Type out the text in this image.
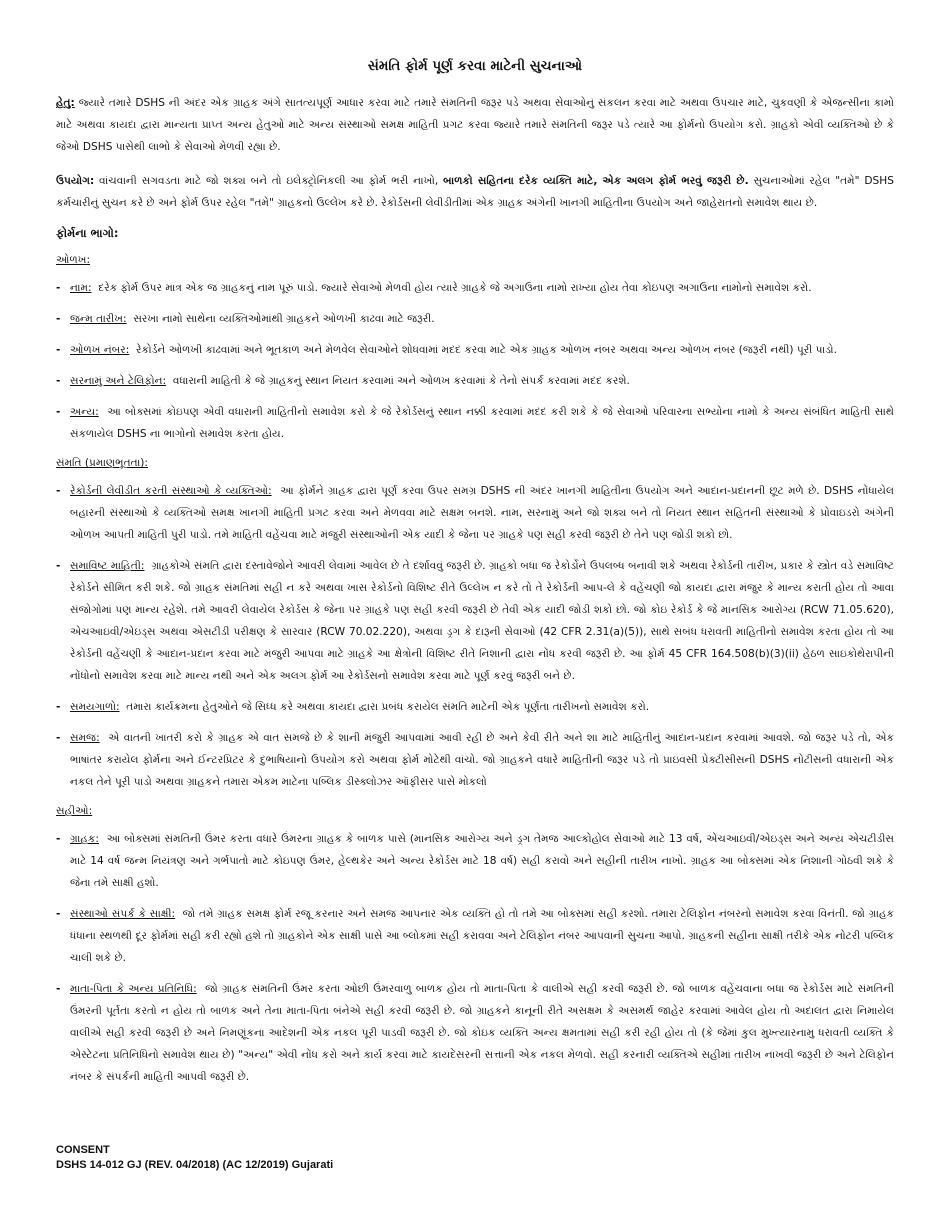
સંમતિ ફોર્મ પૂર્ણ કરવા માટેની સુચનાઓ

હેતુ: જ્યારે તમારે DSHS ની અંદર એક ગ્રાહક અંગે સાતત્યપૂર્ણ આધાર કરવા માટે તમારે સંમતિની જરૂર પડે અથવા સેવાઓનું સંકલન કરવા માટે અથવા ઉપચાર માટે, ચુકવણી કે એજન્સીના કામો માટે અથવા કાયદા દ્વારા માન્યતા પ્રાપ્ત અન્ય હેતુઓ માટે અન્ય સંસ્થાઓ સમક્ષ માહિતી પ્રગટ કરવા જ્યારે તમારે સંમતિની જરૂર પડે ત્યારે આ ફોર્મનો ઉપયોગ કરો. ગ્રાહકો એવી વ્યક્તિઓ છે કે જેઓ DSHS પાસેથી લાભો કે સેવાઓ મેળવી રહ્યા છે.

ઉપયોગ: વાંચવાની સગવડતા માટે જો શક્ય બને તો ઇલેક્ટ્રોનિકલી આ ફોર્મ ભરી નાખો, બાળકો સહિતના દરેક વ્યક્તિ માટે, એક અલગ ફોર્મ ભરવું જરૂરી છે. સુચનાઓમાં રહેલ "તમે" DSHS કર્મચારીનું સુચન કરે છે અને ફોર્મ ઉપર રહેલ "તમે" ગ્રાહકનો ઉલ્લેખ કરે છે. રેકોર્ડસની લેવીડીતીમાં એક ગ્રાહક અંગેની ખાનગી માહિતીના ઉપયોગ અને જાહેરાતનો સમાવેશ થાય છે.

ફોર્મના ભાગો:
ઓળખ:
- નામ: દરેક ફોર્મ ઉપર માત્ર એક જ ગ્રાહકનું નામ પૂરું પાડો. જ્યારે સેવાઓ મેળવી હોય ત્યારે ગ્રાહકે જે અગાઉના નામો રાખ્યા હોય તેવા કોઇપણ અગાઉના નામોનો સમાવેશ કરો.
- જન્મ તારીખ: સરખા નામો સાથેના વ્યક્તિઓમાંથી ગ્રાહકને ઓળખી કાઢવા માટે જરૂરી.
- ઓળખ નંબર: રેકોર્ડને ઓળખી કાઢવામાં અને ભૂતકાળ અને મેળવેલ સેવાઓને શોધવામાં મદદ કરવા માટે એક ગ્રાહક ઓળખ નંબર અથવા અન્ય ઓળખ નંબર (જરૂરી નથી) પૂરી પાડો.
- સરનામું અને ટેલિફોન: વધારાની માહિતી કે જે ગ્રાહકનું સ્થાન નિયત કરવામાં અને ઓળખ કરવામાં કે તેનો સંપર્ક કરવામાં મદદ કરશે.
- અન્ય: આ બોક્સમાં કોઇપણ એવી વધારાની માહિતીનો સમાવેશ કરો કે જે રેકોર્ડસનું સ્થાન નક્કી કરવામાં મદદ કરી શકે કે જે સેવાઓ પરિવારના સભ્યોના નામો કે અન્ય સંબંધિત માહિતી સાથે સંકળાયેલ DSHS ના ભાગોનો સમાવેશ કરતા હોય.
સંમતિ (પ્રમાણભૂતતા):
- રેકોર્ડની લેવીડીત કરતી સંસ્થાઓ કે વ્યક્તિઓ: આ ફોર્મને ગ્રાહક દ્વારા પૂર્ણ કરવા ઉપર સમગ્ર DSHS ની અંદર ખાનગી માહિતીના ઉપયોગ અને આદાન-પ્રદાનની છૂટ મળે છે. DSHS નોંધાયેલ બહારની સંસ્થાઓ કે વ્યક્તિઓ સમક્ષ ખાનગી માહિતી પ્રગટ કરવા અને મેળવવા માટે સક્ષમ બનશે. નામ, સરનામું અને જો શક્ય બને તો નિયત સ્થાન સહિતની સંસ્થાઓ કે પ્રોવાઇડરો અંગેની ઓળખ આપતી માહિતી પુરી પાડો. તમે માહિતી વહેંચવા માટે મંજુરી સંસ્થાઓની એક યાદી કે જેના પર ગ્રાહકે પણ સહી કરવી જરૂરી છે તેને પણ જોડી શકો છો.
- સમાવિષ્ટ માહિતી: ગ્રાહકોએ સંમતિ દ્વારા દસ્તાવેજોને આવરી લેવામાં આવેલ છે તે દર્શાવવું જરૂરી છે. ગ્રાહકો બધા જ રેકોર્ડોને ઉપલબ્ધ બનાવી શકે અથવા રેકોર્ડની તારીખ, પ્રકાર કે સ્ત્રોત વડે સમાવિષ્ટ રેકોર્ડને સીમિત કરી શકે. જો ગ્રાહક સંમતિમાં સહી ન કરે અથવા ખાસ રેકોર્ડનો વિશિષ્ટ રીતે ઉલ્લેખ ન કરે તો તે રેકોર્ડની આપ-લે કે વહેંચણી જો કાયદા દ્વારા મંજુર કે માન્ય કરાતી હોય તો આવા સંજોગોમાં પણ માન્ય રહેશે. તમે આવરી લેવાયેલ રેકોર્ડસ કે જેના પર ગ્રાહકે પણ સહી કરવી જરૂરી છે તેવી એક યાદી જોડી શકો છો. જો કોઇ રેકોર્ડ કે જે માનસિક આરોગ્ય (RCW 71.05.620), એચઆઇવી/એઇડ્સ અથવા એસટીડી પરીક્ષણ કે સારવાર (RCW 70.02.220), અથવા ડ્રગ કે દારૂની સેવાઓ (42 CFR 2.31(a)(5)), સાથે સબંધ ધરાવતી માહિતીનો સમાવેશ કરતા હોય તો આ રેકોર્ડની વહેંચણી કે આદાન-પ્રદાન કરવા માટે મંજુરી આપવા માટે ગ્રાહકે આ ક્ષેત્રોની વિશિષ્ટ રીતે નિશાની દ્વારા નોંધ કરવી જરૂરી છે. આ ફોર્મ 45 CFR 164.508(b)(3)(ii) હેઠળ સાઇકોથેરાપીની નોંધોનો સમાવેશ કરવા માટે માન્ય નથી અને એક અલગ ફોર્મ આ રેકોર્ડસનો સમાવેશ કરવા માટે પૂર્ણ કરવું જરૂરી બને છે.
- સમયગાળો: તમારા કાર્યક્રમના હેતુઓને જે સિધ્ધ કરે અથવા કાયદા દ્વારા પ્રબંધ કરાયેલ સંમતિ માટેની એક પૂર્ણતા તારીખનો સમાવેશ કરો.
- સમજ: એ વાતની ખાતરી કરો કે ગ્રાહક એ વાત સમજે છે કે શાની મંજુરી આપવામાં આવી રહી છે અને કેવી રીતે અને શા માટે માહિતીનું આદાન-પ્રદાન કરવામાં આવશે. જો જરૂર પડે તો, એક ભાષાંતર કરાયેલ ફોર્મના અને ઈન્ટરપ્રિટર કે દુભાષિયાનો ઉપયોગ કરો અથવા ફોર્મ મોટેથી વાંચો. જો ગ્રાહકને વધારે માહિતીની જરૂર પડે તો પ્રાઇવસી પ્રેક્ટીસીસની DSHS નોટીસની વધારાની એક નકલ તેને પૂરી પાડો અથવા ગ્રાહકને તમારા એકમ માટેના પબ્લિક ડીસ્ક્લોઝર ઑફીસર પાસે મોકલો
સહીઓ:
- ગ્રાહક: આ બોક્સમાં સંમતિની ઉંમર કરતા વધારે ઉંમરના ગ્રાહક કે બાળક પાસે (માનસિક આરોગ્ય અને ડ્રગ તેમજ આલ્કોહોલ સેવાઓ માટે 13 વર્ષ, એચઆઇવી/એઇડ્સ અને અન્ય એચટીડીસ માટે 14 વર્ષ જન્મ નિયંત્રણ અને ગર્ભપાતો માટે કોઇપણ ઉંમર, હેલ્થકેર અને અન્ય રેકોર્ડસ માટે 18 વર્ષ) સહી કરાવો અને સહીની તારીખ નાખો. ગ્રાહક આ બોક્સમાં એક નિશાની ગોઠવી શકે કે જેના તમે સાક્ષી હશો.
- સંસ્થાઓ સંપર્ક કે સાક્ષી: જો તમે ગ્રાહક સમક્ષ ફોર્મ રજૂ કરનાર અને સમજ આપનાર એક વ્યક્તિ હો તો તમે આ બોક્સમાં સહી કરશો. તમારા ટેલિફોન નંબરનો સમાવેશ કરવા વિનંતી. જો ગ્રાહક ધંધાના સ્થળથી દૂર ફોર્મમાં સહી કરી રહ્યો હશે તો ગ્રાહકોને એક સાક્ષી પાસે આ બ્લોકમાં સહી કરાવવા અને ટેલિફોન નંબર આપવાની સુચના આપો. ગ્રાહકની સહીના સાક્ષી તરીકે એક નોટરી પબ્લિક ચાલી શકે છે.
- માતા-પિતા કે અન્ય પ્રતિનિધિ: જો ગ્રાહક સંમતિની ઉંમર કરતા ઓછી ઉંમરવાળુ બાળક હોય તો માતા-પિતા કે વાલીએ સહી કરવી જરૂરી છે. જો બાળક વહેંચવાના બધા જ રેકોર્ડસ માટે સંમતિની ઉંમરની પૂર્તતા કરતો ન હોય તો બાળક અને તેના માતા-પિતા બંનેએ સહી કરવી જરૂરી છે. જો ગ્રાહકને કાનૂની રીતે અસક્ષમ કે અસમર્થ જાહેર કરવામાં આવેલ હોય તો અદાલત દ્વારા નિમાયેલ વાલીએ સહી કરવી જરૂરી છે અને નિમણૂંકના આદેશની એક નકલ પૂરી પાડવી જરૂરી છે. જો કોઇક વ્યક્તિ અન્ય ક્ષમતામાં સહી કરી રહી હોય તો (કે જેમાં કુલ મુખ્ત્યારનામુ ધરાવતી વ્યક્તિ કે એસ્ટેટના પ્રતિનિધિનો સમાવેશ થાય છે) "અન્ય" એવી નોંધ કરો અને કાર્ય કરવા માટે કાયદેસરની સત્તાની એક નકલ મેળવો. સહી કરનારી વ્યક્તિએ સહીમાં તારીખ નાખવી જરૂરી છે અને ટેલિફોન નંબર કે સંપર્કની માહિતી આપવી જરૂરી છે.
CONSENT
DSHS 14-012 GJ (REV. 04/2018) (AC 12/2019) Gujarati
